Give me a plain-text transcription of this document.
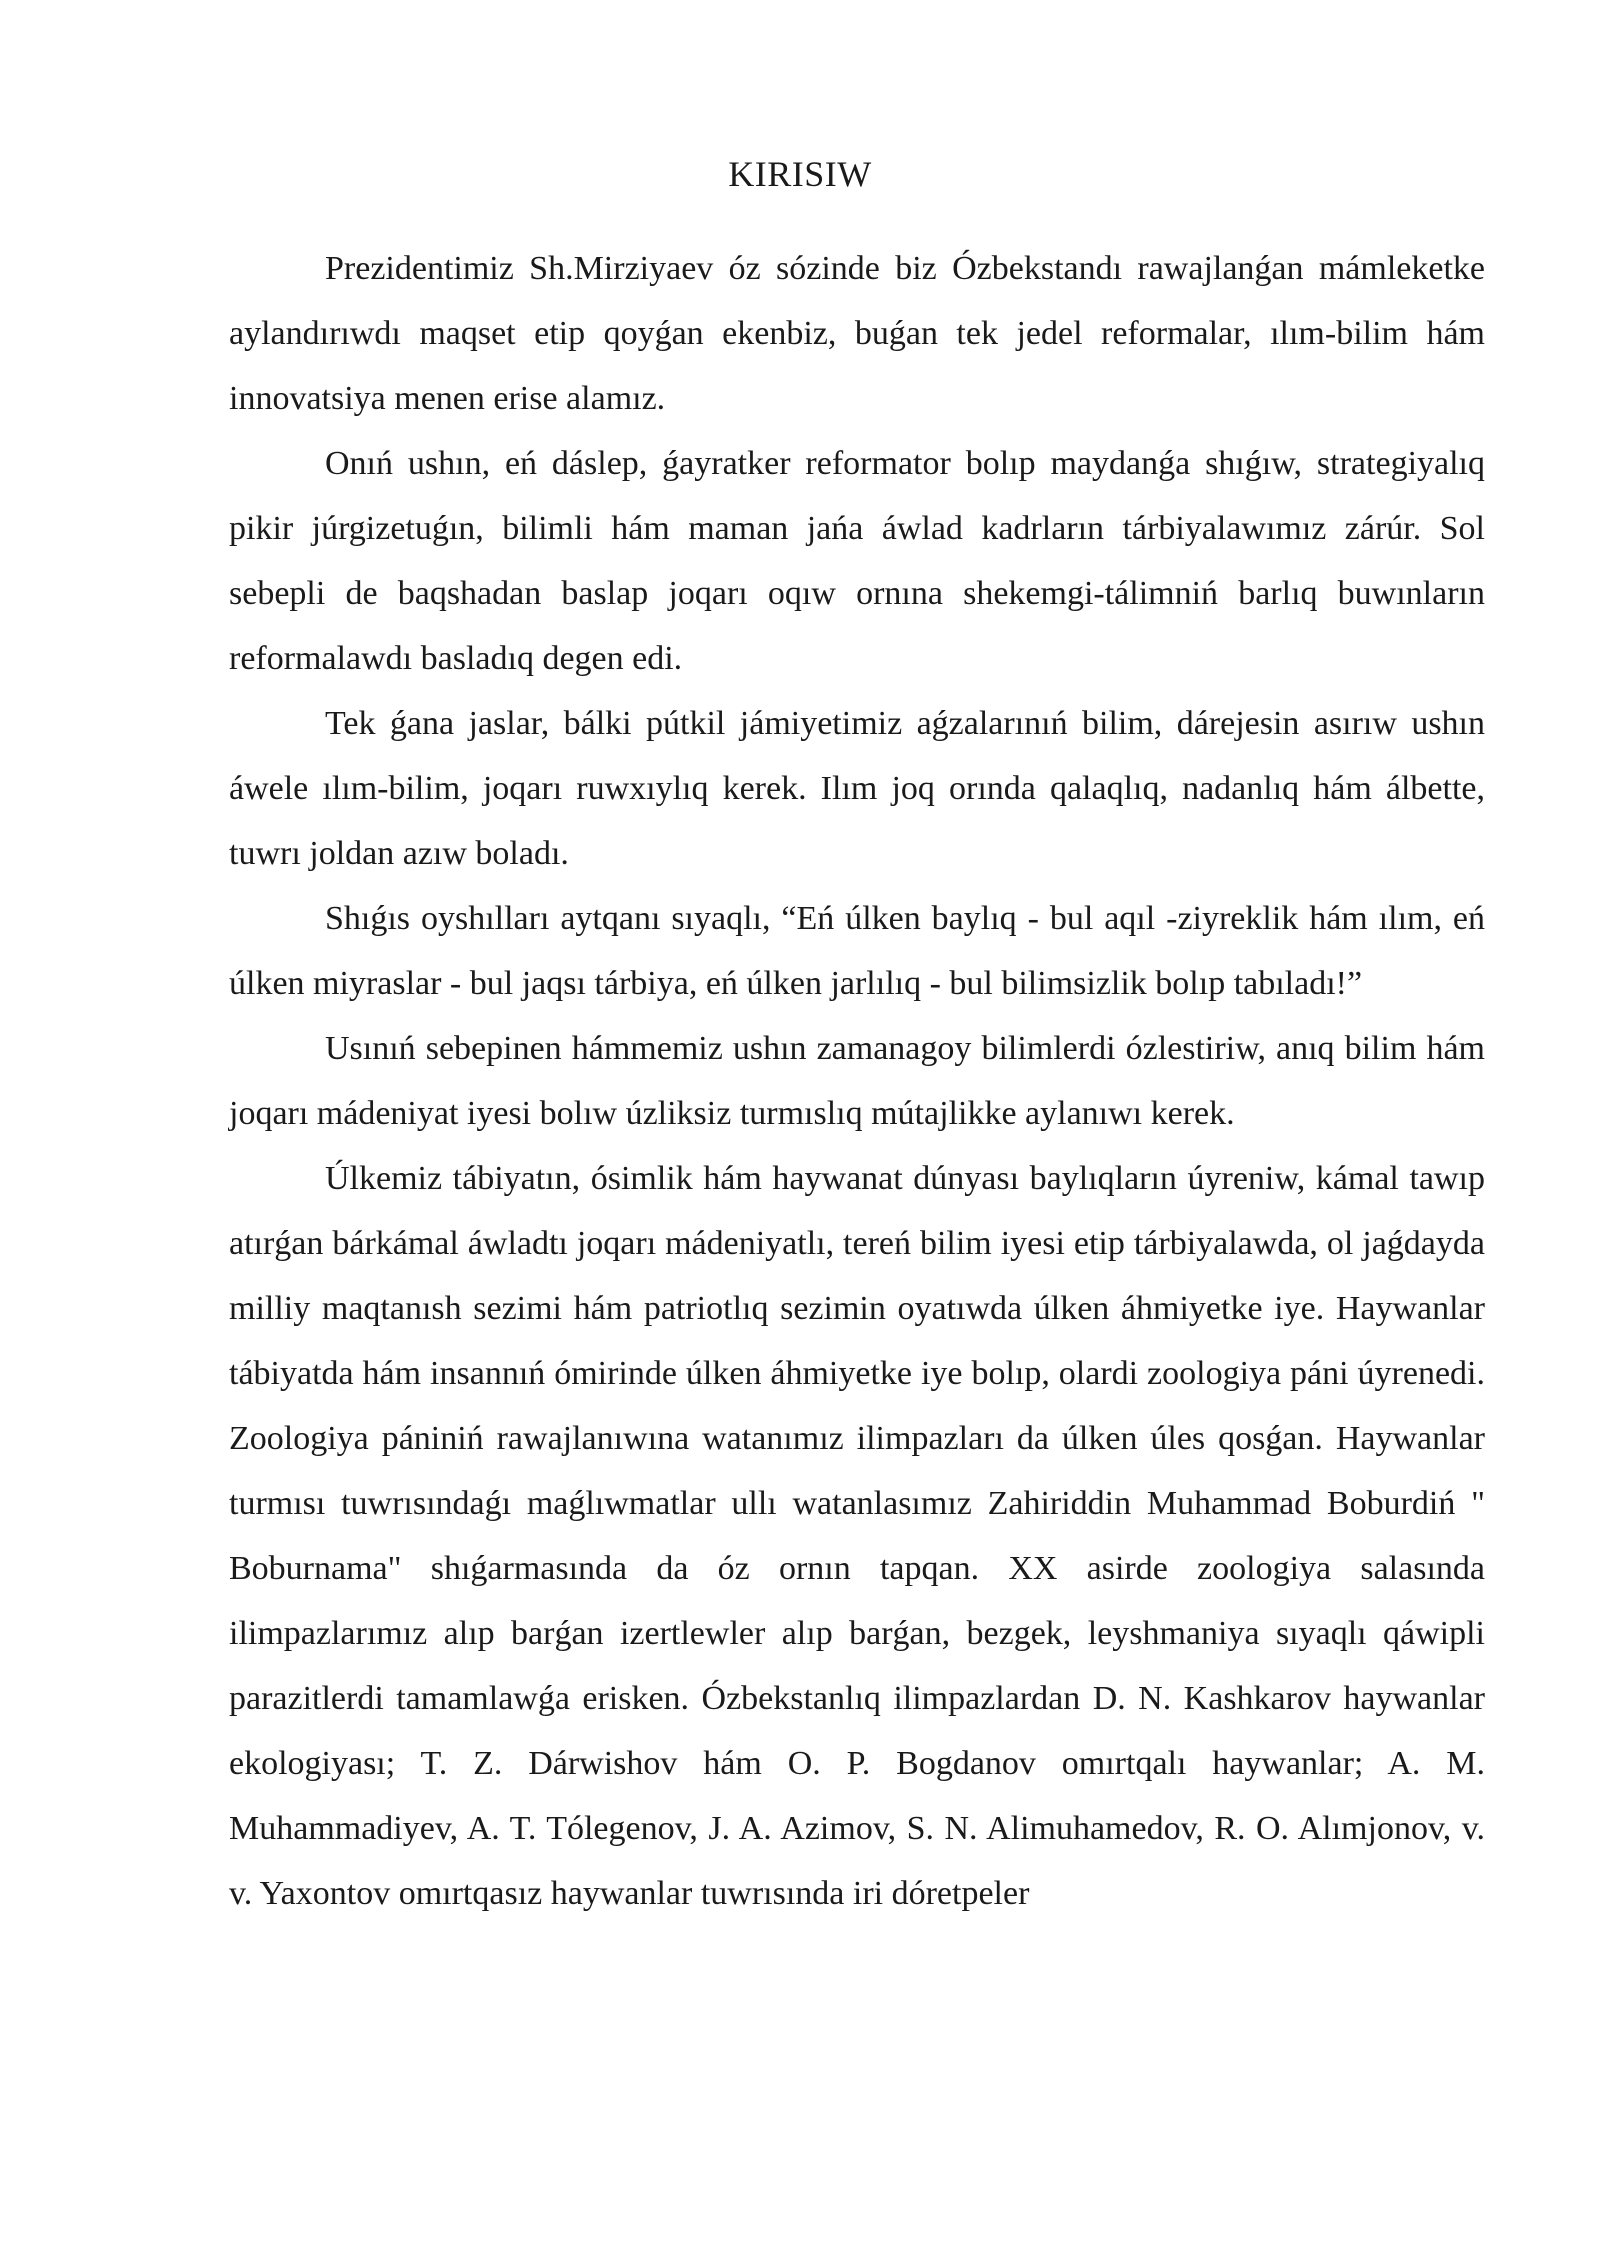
KIRISIW

Prezidentimiz Sh.Mirziyaev óz sózinde biz Ózbekstandı rawajlanǵan mámleketke aylandırıwdı maqset etip qoyǵan ekenbiz, buǵan tek jedel reformalar, ılım-bilim hám innovatsiya menen erise alamız.

Onıń ushın, eń dáslep, ǵayratker reformator bolıp maydanǵa shıǵıw, strategiyalıq pikir júrgizetuǵın, bilimli hám maman jańa áwlad kadrların tárbiyalawımız zárúr. Sol sebepli de baqshadan baslap joqarı oqıw ornına shekemgi-tálimniń barlıq buwınların reformalawdı basladıq degen edi.

Tek ǵana jaslar, bálki pútkil jámiyetimiz aǵzalarınıń bilim, dárejesin asırıw ushın áwele ılım-bilim, joqarı ruwxıylıq kerek. Ilım joq orında qalaqlıq, nadanlıq hám álbette, tuwrı joldan azıw boladı.

Shıǵıs oyshılları aytqanı sıyaqlı, “Eń úlken baylıq - bul aqıl -ziyreklik hám ılım, eń úlken miyraslar - bul jaqsı tárbiya, eń úlken jarlılıq - bul bilimsizlik bolıp tabıladı!”

Usınıń sebepinen hámmemiz ushın zamanagoy bilimlerdi ózlestiriw, anıq bilim hám joqarı mádeniyat iyesi bolıw úzliksiz turmıslıq mútajlikke aylanıwı kerek.

Úlkemiz tábiyatın, ósimlik hám haywanat dúnyası baylıqların úyreniw, kámal tawıp atırǵan bárkámal áwladtı joqarı mádeniyatlı, tereń bilim iyesi etip tárbiyalawda, ol jaǵdayda milliy maqtanısh sezimi hám patriotlıq sezimin oyatıwda úlken áhmiyetke iye. Haywanlar tábiyatda hám insannıń ómirinde úlken áhmiyetke iye bolıp, olardi zoologiya páni úyrenedi. Zoologiya pániniń rawajlanıwına watanımız ilimpazları da úlken úles qosǵan. Haywanlar turmısı tuwrısındaǵı maǵlıwmatlar ullı watanlasımız Zahiriddin Muhammad Boburdiń " Boburnama" shıǵarmasında da óz ornın tapqan. XX asirde zoologiya salasında ilimpazlarımız alıp barǵan izertlewler alıp barǵan, bezgek, leyshmaniya sıyaqlı qáwipli parazitlerdi tamamlawǵa erisken. Ózbekstanlıq ilimpazlardan D. N. Kashkarov haywanlar ekologiyası; T. Z. Dárwishov hám O. P. Bogdanov omırtqalı haywanlar; A. M. Muhammadiyev, A. T. Tólegenov, J. A. Azimov, S. N. Alimuhamedov, R. O. Alımjonov, v. v. Yaxontov omırtqasız haywanlar tuwrısında iri dóretpeler
